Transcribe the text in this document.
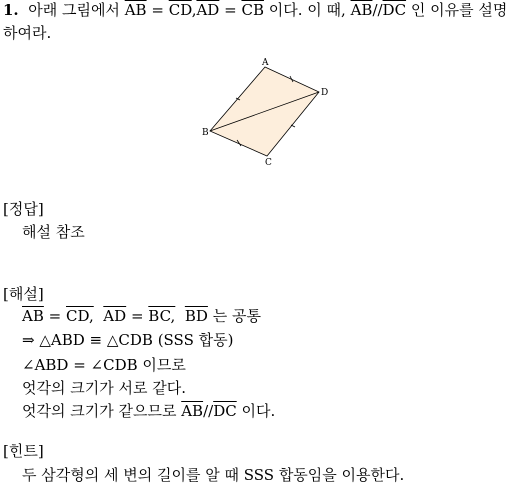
1. 아래 그림에서 $\overline{AB} = \overline{CD},\overline{AD} = \overline{CB}$ 이다. 이 때, $\overline{AB}//\overline{DC}$ 인 이유를 설명
하여라.
A
D
B
C
[정답]
해설 참조
[해설]
$\overline{AB}$ = CD, $\overline{AD}$ = BC, $\overline{BD}$ 는 공통
⇒ △ABD ≡ △CDB (SSS 합동)
∠ABD = ∠CDB 이므로
엇각의 크기가 서로 같다.
엇각의 크기가 같으므로 $\overline{AB}//\overline{DC}$ 이다.
[힌트]
두 삼각형의 세 변의 길이를 알 때 SSS 합동임을 이용한다.
